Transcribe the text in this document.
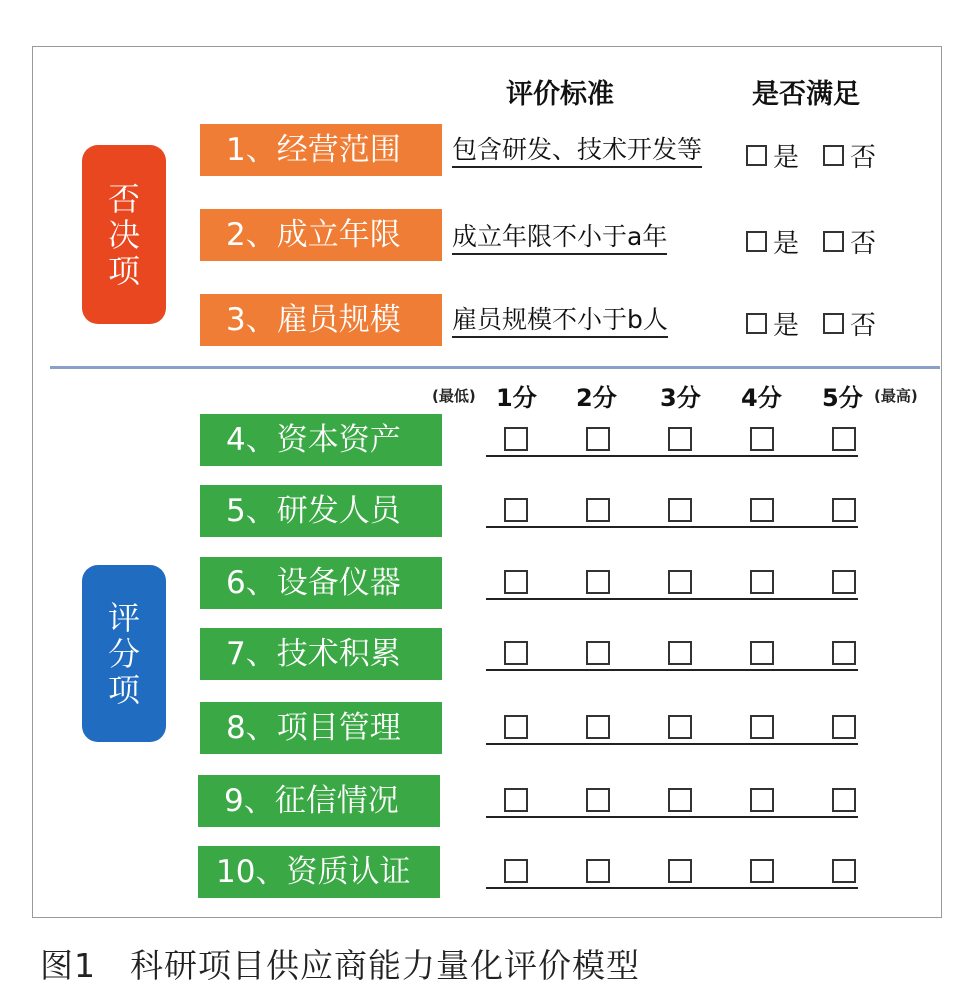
否
决
项
评价标准	是否满足
1、经营范围	包含研发、技术开发等	是 否
2、成立年限	成立年限不小于a年	是 否
3、雇员规模	雇员规模不小于b人	是 否
(最低) 1分 2分 3分 4分 5分 (最高)
评
分
项
4、资本资产
5、研发人员
6、设备仪器
7、技术积累
8、项目管理
9、征信情况
10、资质认证
图1　科研项目供应商能力量化评价模型
